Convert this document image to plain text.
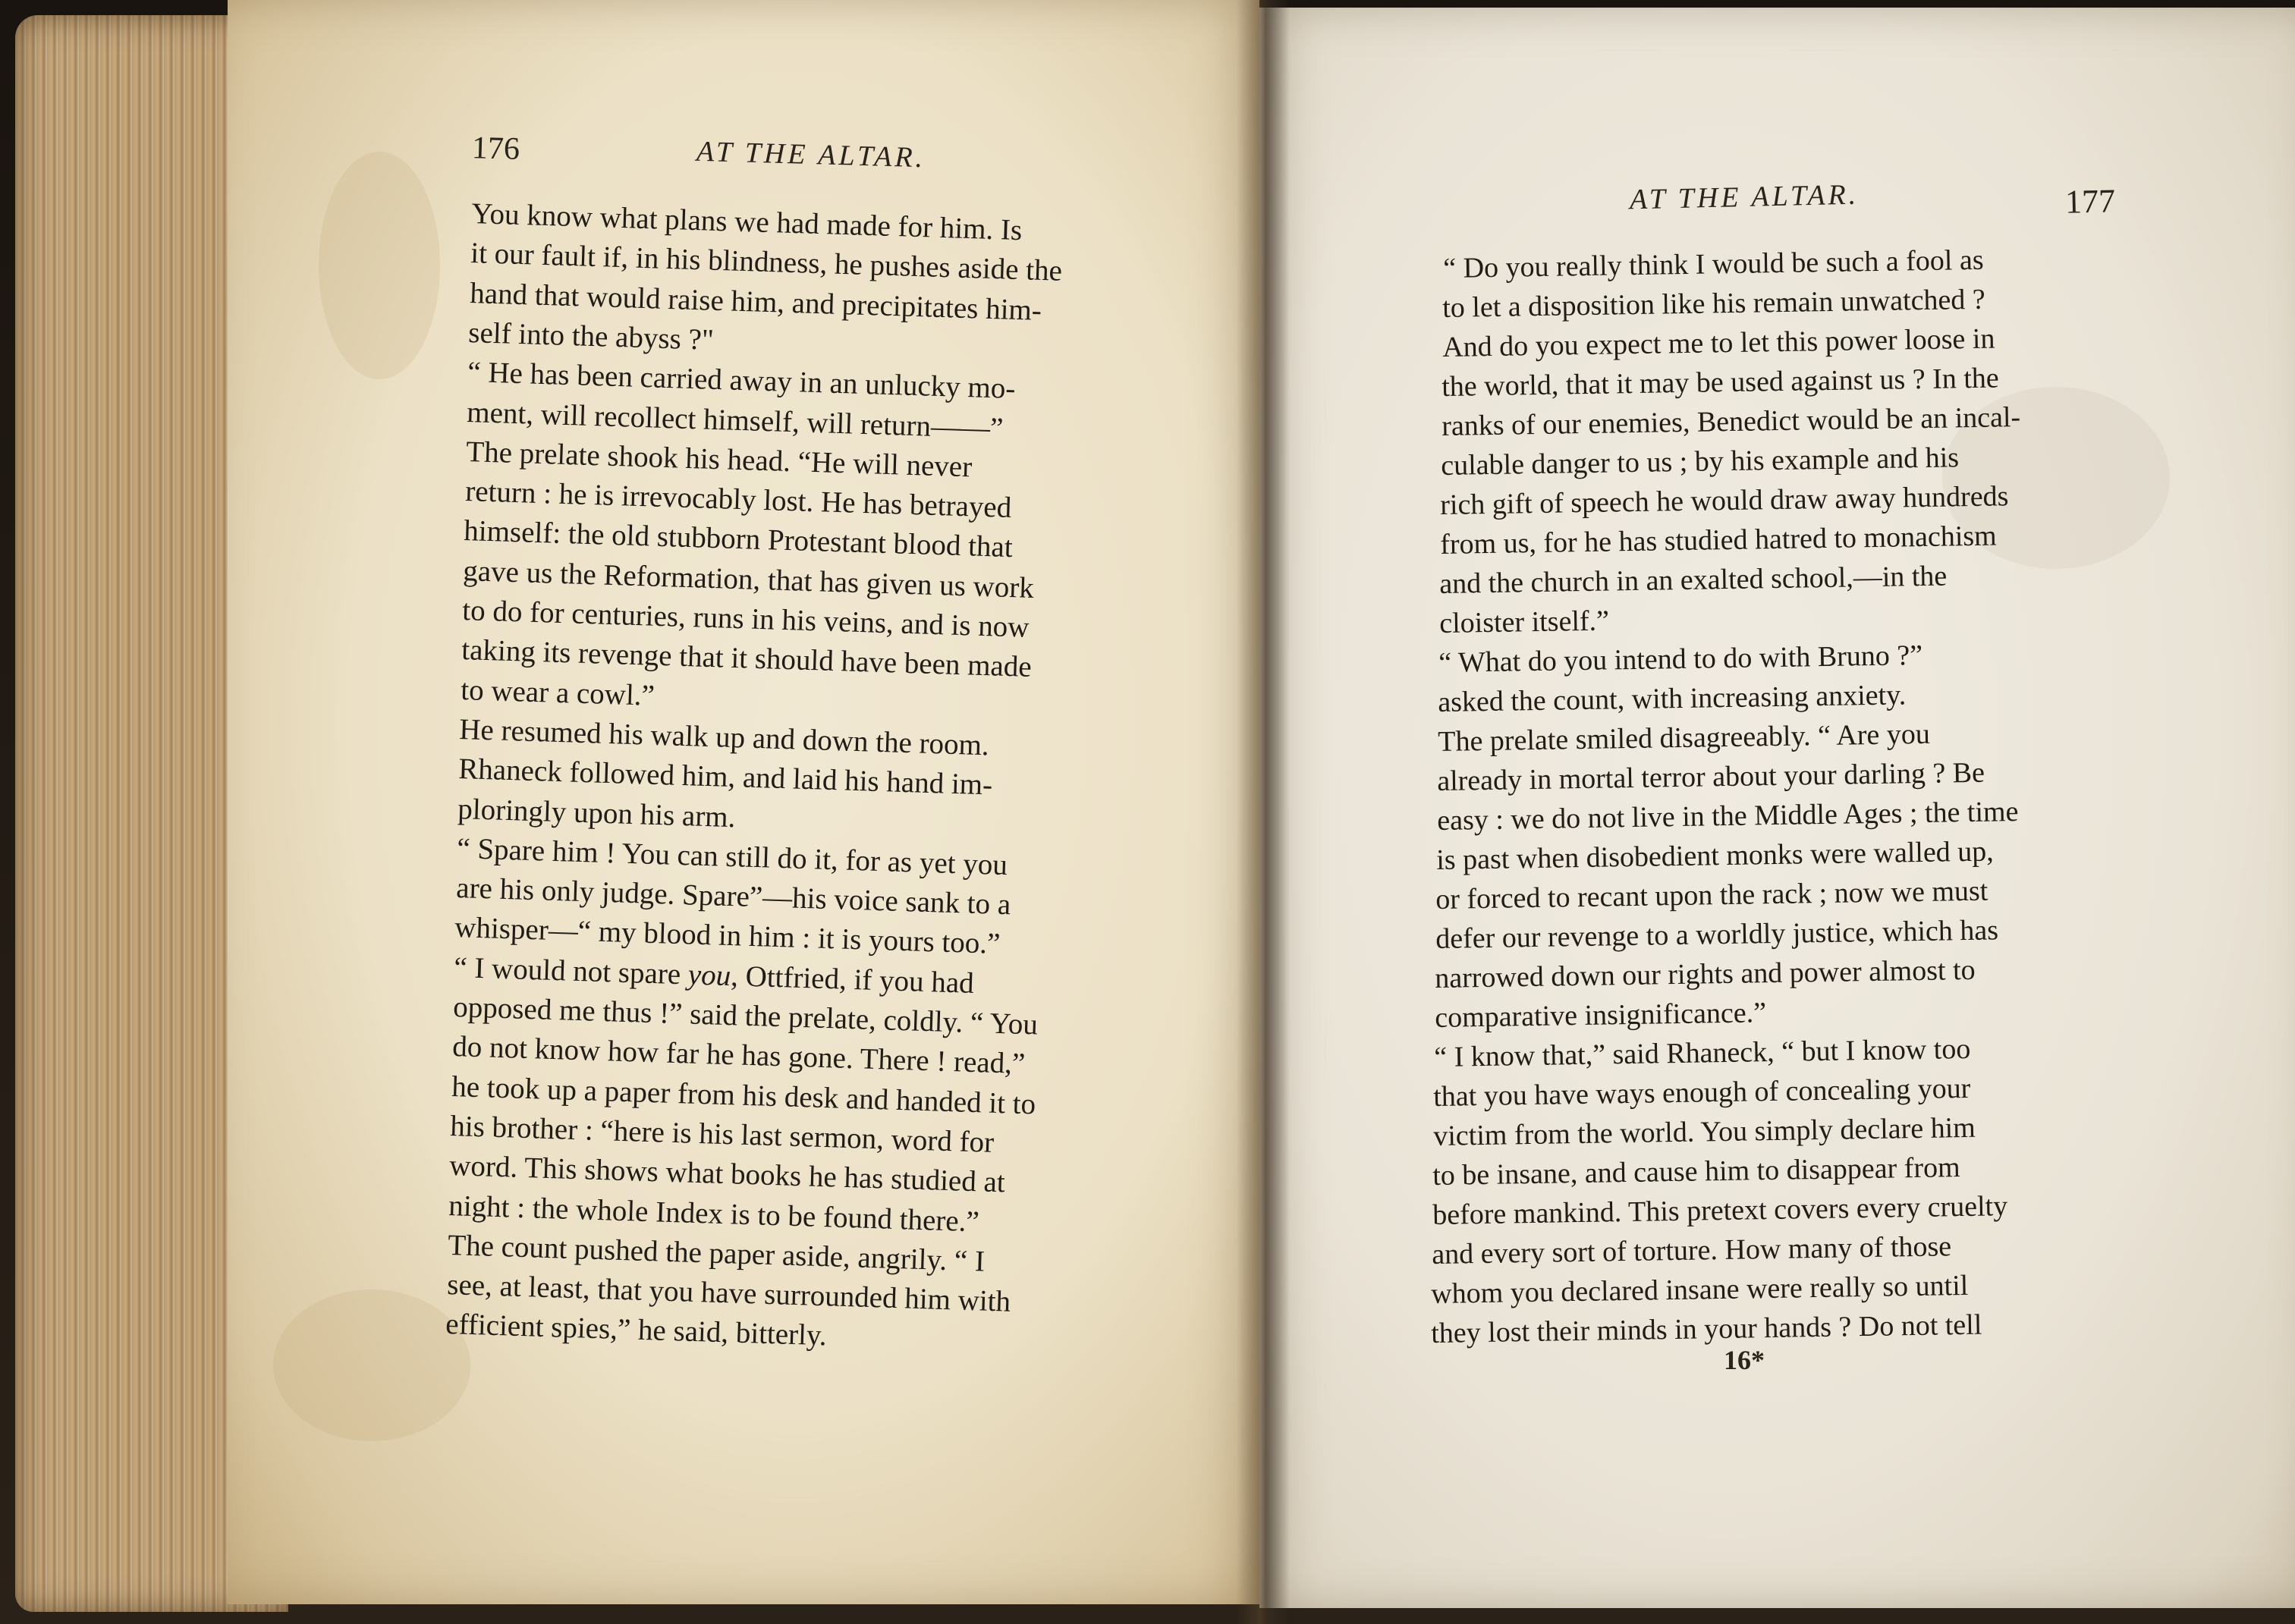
176	AT THE ALTAR.
You know what plans we had made for him. Is
it our fault if, in his blindness, he pushes aside the
hand that would raise him, and precipitates him-
self into the abyss ?"
“ He has been carried away in an unlucky mo-
ment, will recollect himself, will return——”
The prelate shook his head. “He will never
return : he is irrevocably lost. He has betrayed
himself: the old stubborn Protestant blood that
gave us the Reformation, that has given us work
to do for centuries, runs in his veins, and is now
taking its revenge that it should have been made
to wear a cowl.”
He resumed his walk up and down the room.
Rhaneck followed him, and laid his hand im-
ploringly upon his arm.
“ Spare him ! You can still do it, for as yet you
are his only judge. Spare”—his voice sank to a
whisper—“ my blood in him : it is yours too.”
“ I would not spare you, Ottfried, if you had
opposed me thus !” said the prelate, coldly. “ You
do not know how far he has gone. There ! read,”
he took up a paper from his desk and handed it to
his brother : “here is his last sermon, word for
word. This shows what books he has studied at
night : the whole Index is to be found there.”
The count pushed the paper aside, angrily. “ I
see, at least, that you have surrounded him with
efficient spies,” he said, bitterly.
AT THE ALTAR.	177
“ Do you really think I would be such a fool as
to let a disposition like his remain unwatched ?
And do you expect me to let this power loose in
the world, that it may be used against us ? In the
ranks of our enemies, Benedict would be an incal-
culable danger to us ; by his example and his
rich gift of speech he would draw away hundreds
from us, for he has studied hatred to monachism
and the church in an exalted school,—in the
cloister itself.”
“ What do you intend to do with Bruno ?”
asked the count, with increasing anxiety.
The prelate smiled disagreeably. “ Are you
already in mortal terror about your darling ? Be
easy : we do not live in the Middle Ages ; the time
is past when disobedient monks were walled up,
or forced to recant upon the rack ; now we must
defer our revenge to a worldly justice, which has
narrowed down our rights and power almost to
comparative insignificance.”
“ I know that,” said Rhaneck, “ but I know too
that you have ways enough of concealing your
victim from the world. You simply declare him
to be insane, and cause him to disappear from
before mankind. This pretext covers every cruelty
and every sort of torture. How many of those
whom you declared insane were really so until
they lost their minds in your hands ? Do not tell
16*
